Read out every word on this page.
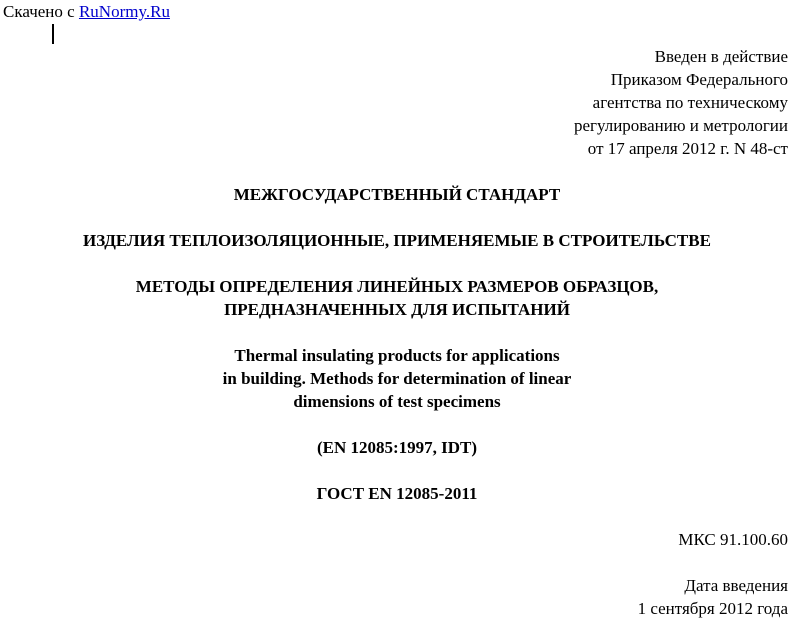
Скачено с RuNormy.Ru
Введен в действие
Приказом Федерального
агентства по техническому
регулированию и метрологии
от 17 апреля 2012 г. N 48-ст
МЕЖГОСУДАРСТВЕННЫЙ СТАНДАРТ
ИЗДЕЛИЯ ТЕПЛОИЗОЛЯЦИОННЫЕ, ПРИМЕНЯЕМЫЕ В СТРОИТЕЛЬСТВЕ
МЕТОДЫ ОПРЕДЕЛЕНИЯ ЛИНЕЙНЫХ РАЗМЕРОВ ОБРАЗЦОВ,
ПРЕДНАЗНАЧЕННЫХ ДЛЯ ИСПЫТАНИЙ
Thermal insulating products for applications
in building. Methods for determination of linear
dimensions of test specimens
(EN 12085:1997, IDT)
ГОСТ EN 12085-2011
МКС 91.100.60
Дата введения
1 сентября 2012 года
